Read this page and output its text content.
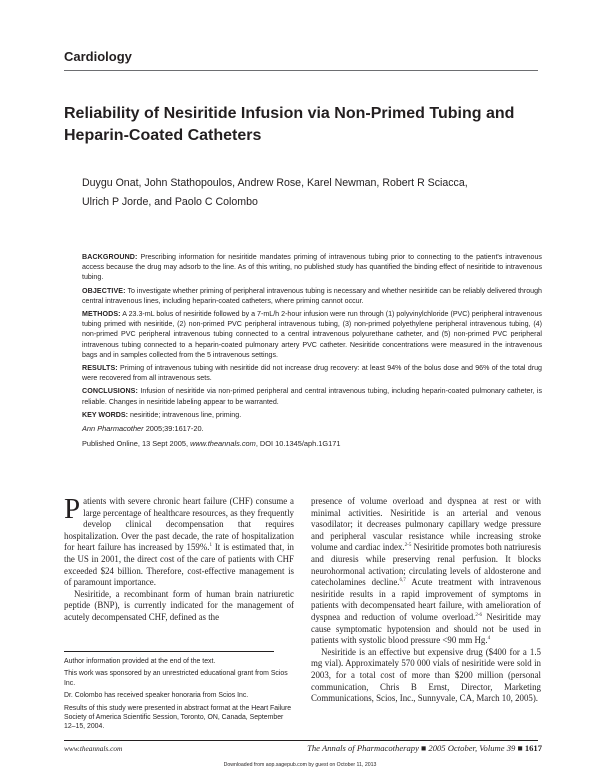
Cardiology
Reliability of Nesiritide Infusion via Non-Primed Tubing and
Heparin-Coated Catheters
Duygu Onat, John Stathopoulos, Andrew Rose, Karel Newman, Robert R Sciacca,
Ulrich P Jorde, and Paolo C Colombo

BACKGROUND: Prescribing information for nesiritide mandates priming of intravenous tubing prior to connecting to the patient's intravenous access because the drug may adsorb to the line. As of this writing, no published study has quantified the binding effect of nesiritide to intravenous tubing.

OBJECTIVE: To investigate whether priming of peripheral intravenous tubing is necessary and whether nesiritide can be reliably delivered through central intravenous lines, including heparin-coated catheters, where priming cannot occur.

METHODS: A 23.3-mL bolus of nesiritide followed by a 7-mL/h 2-hour infusion were run through (1) polyvinylchloride (PVC) peripheral intravenous tubing primed with nesiritide, (2) non-primed PVC peripheral intravenous tubing, (3) non-primed polyethylene peripheral intravenous tubing, (4) non-primed PVC peripheral intravenous tubing connected to a central intravenous polyurethane catheter, and (5) non-primed PVC peripheral intravenous tubing connected to a heparin-coated pulmonary artery PVC catheter. Nesiritide concentrations were measured in the intravenous bags and in samples collected from the 5 intravenous settings.

RESULTS: Priming of intravenous tubing with nesiritide did not increase drug recovery: at least 94% of the bolus dose and 96% of the total drug were recovered from all intravenous sets.

CONCLUSIONS: Infusion of nesiritide via non-primed peripheral and central intravenous tubing, including heparin-coated pulmonary catheter, is reliable. Changes in nesiritide labeling appear to be warranted.

KEY WORDS: nesiritide; intravenous line, priming.

Ann Pharmacother 2005;39:1617-20.

Published Online, 13 Sept 2005, www.theannals.com, DOI 10.1345/aph.1G171

Patients with severe chronic heart failure (CHF) consume a large percentage of healthcare resources, as they frequently develop clinical decompensation that requires hospitalization. Over the past decade, the rate of hospitalization for heart failure has increased by 159%.$^1$ It is estimated that, in the US in 2001, the direct cost of the care of patients with CHF exceeded $24 billion. Therefore, cost-effective management is of paramount importance.

Nesiritide, a recombinant form of human brain natriuretic peptide (BNP), is currently indicated for the management of acutely decompensated CHF, defined as the

Author information provided at the end of the text.

This work was sponsored by an unrestricted educational grant from Scios Inc.

Dr. Colombo has received speaker honoraria from Scios Inc.

Results of this study were presented in abstract format at the Heart Failure Society of America Scientific Session, Toronto, ON, Canada, September 12–15, 2004.

presence of volume overload and dyspnea at rest or with minimal activities. Nesiritide is an arterial and venous vasodilator; it decreases pulmonary capillary wedge pressure and peripheral vascular resistance while increasing stroke volume and cardiac index.$^{2-5}$ Nesiritide promotes both natriuresis and diuresis while preserving renal perfusion. It blocks neurohormonal activation; circulating levels of aldosterone and catecholamines decline.$^{6,7}$ Acute treatment with intravenous nesiritide results in a rapid improvement of symptoms in patients with decompensated heart failure, with amelioration of dyspnea and reduction of volume overload.$^{2-6}$ Nesiritide may cause symptomatic hypotension and should not be used in patients with systolic blood pressure <90 mm Hg.$^4$

Nesiritide is an effective but expensive drug ($400 for a 1.5 mg vial). Approximately 570 000 vials of nesiritide were sold in 2003, for a total cost of more than $200 million (personal communication, Chris B Ernst, Director, Marketing Communications, Scios, Inc., Sunnyvale, CA, March 10, 2005).

www.theannals.com	The Annals of Pharmacotherapy ■ 2005 October, Volume 39 ■ 1617
Downloaded from aop.sagepub.com by guest on October 11, 2013
